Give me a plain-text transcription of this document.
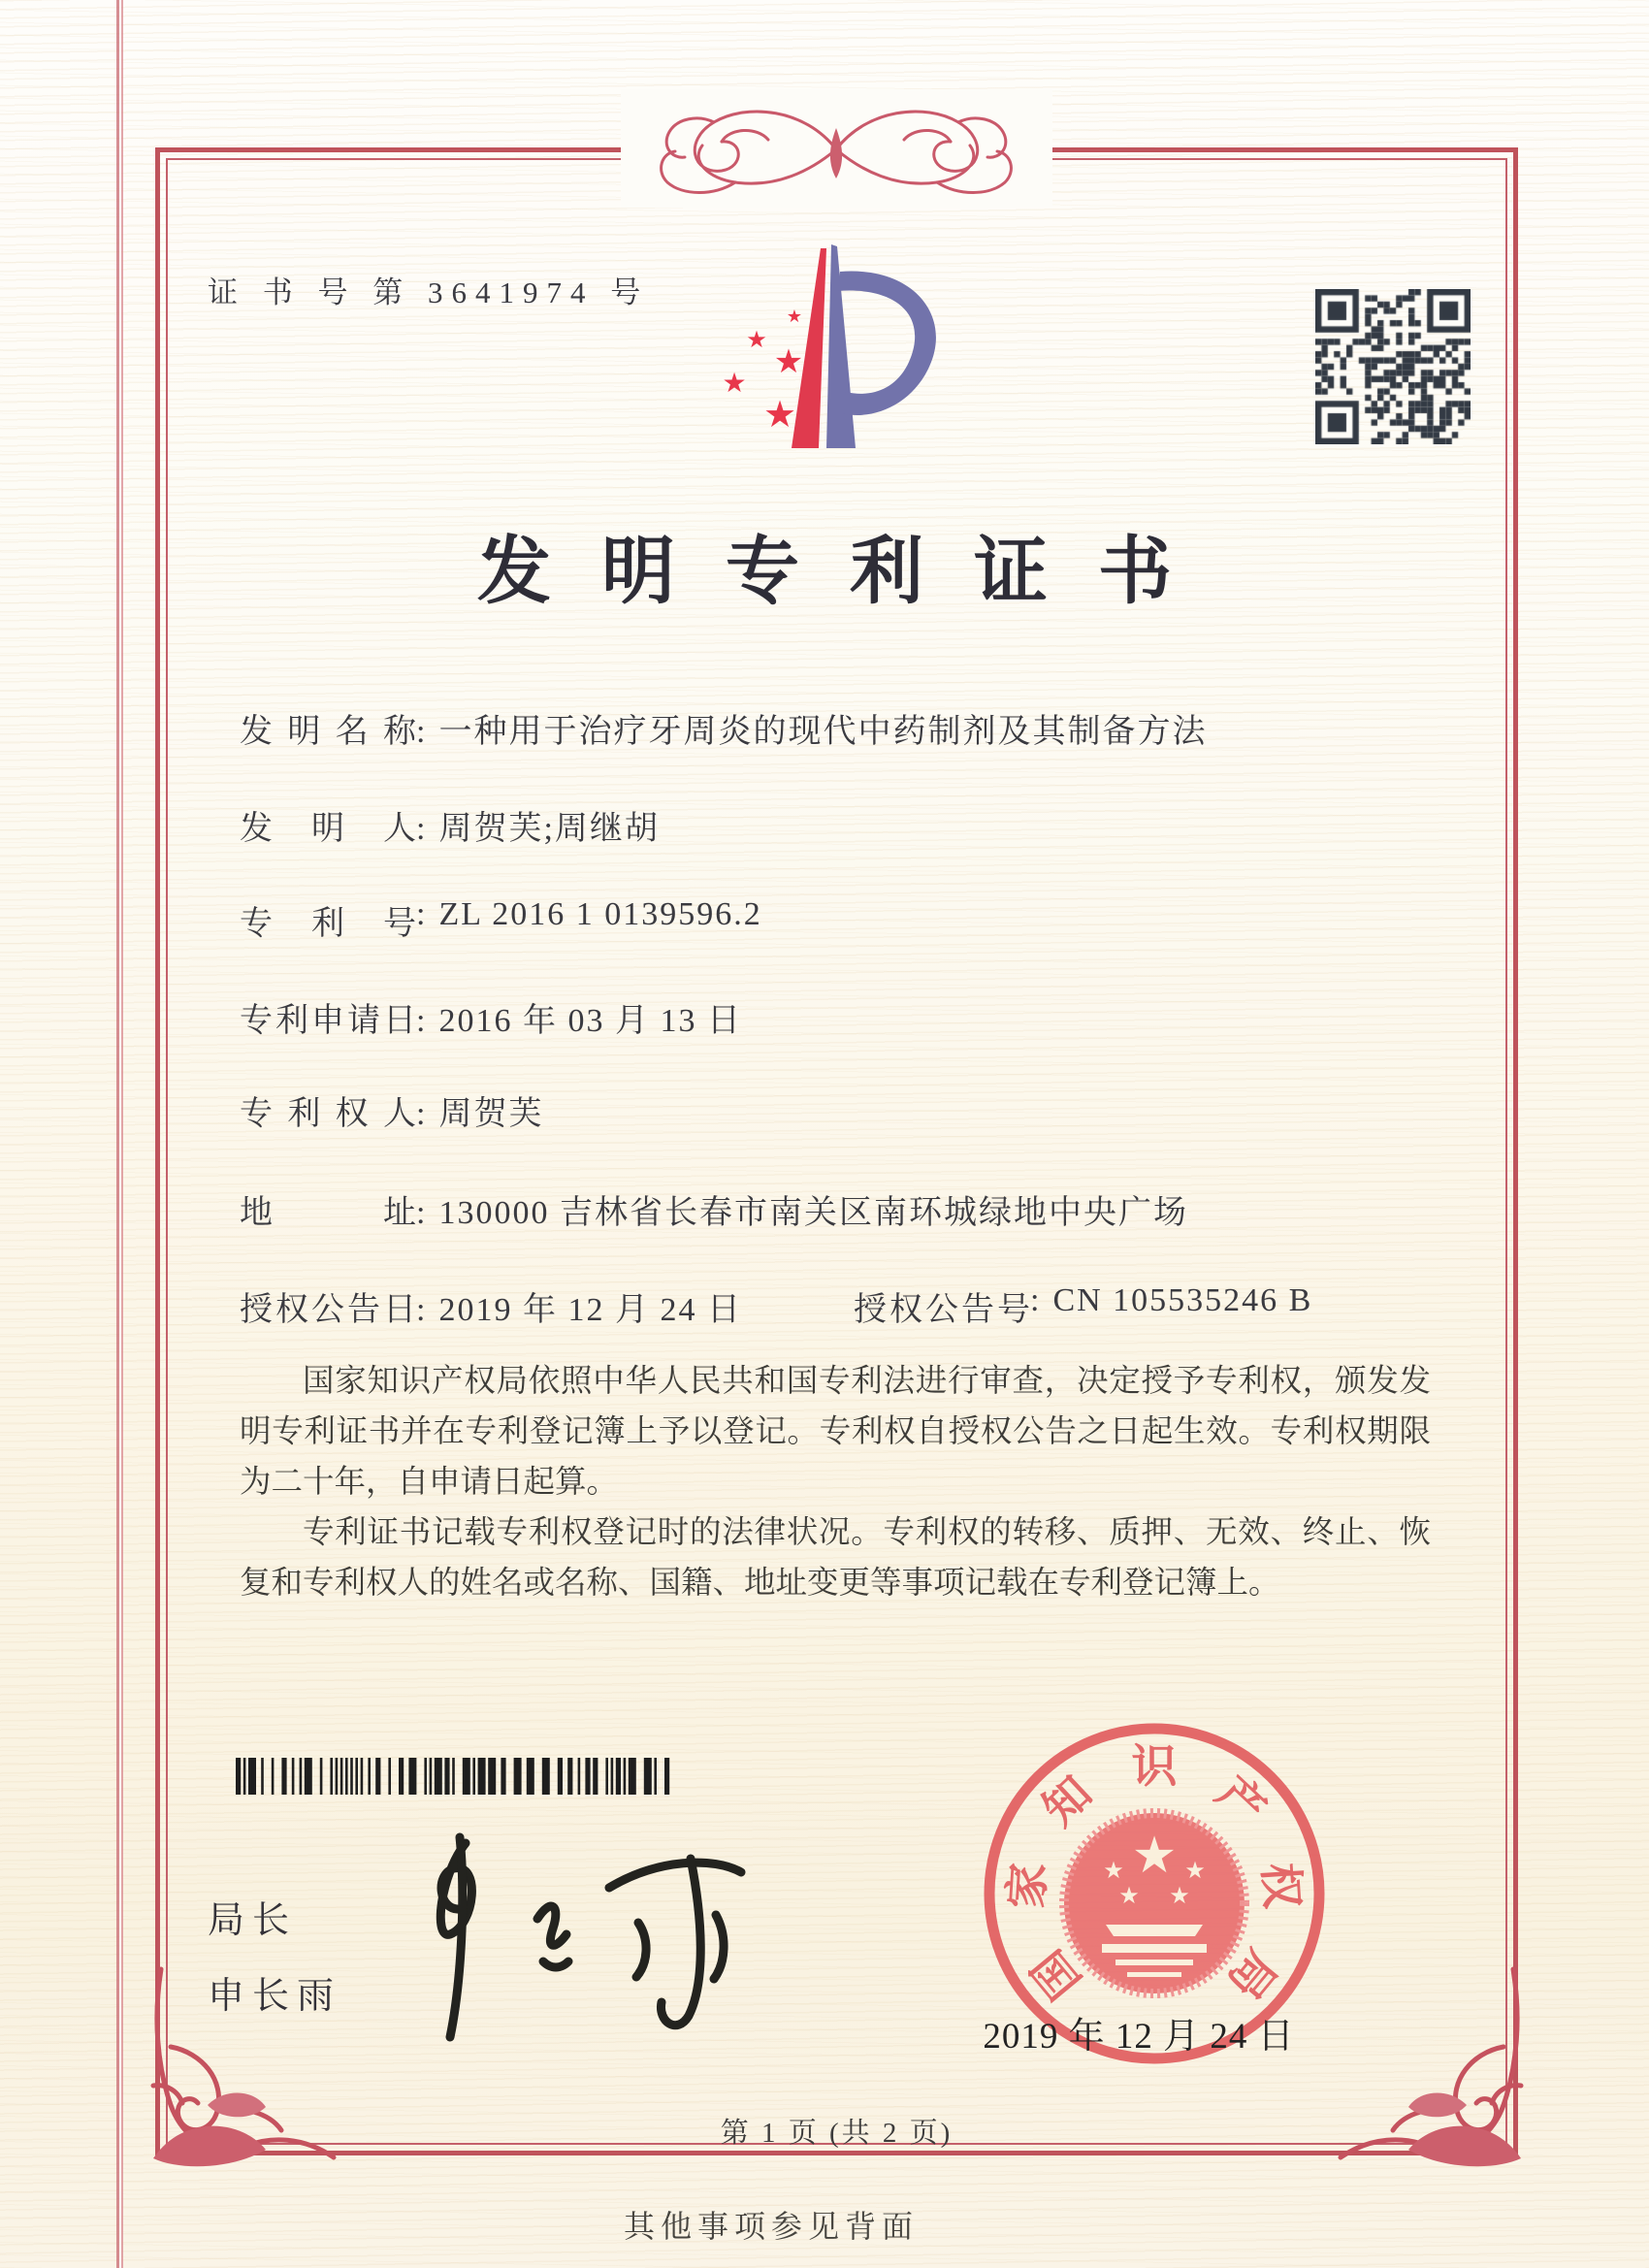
证 书 号 第 3641974 号
★
★
★
★
★
发明专利证书
发明名称: 一种用于治疗牙周炎的现代中药制剂及其制备方法
发明人: 周贺芙;周继胡
专利号: ZL 2016 1 0139596.2
专利申请日: 2016 年 03 月 13 日
专利权人: 周贺芙
地址: 130000 吉林省长春市南关区南环城绿地中央广场
授权公告日: 2019 年 12 月 24 日	授权公告号: CN 105535246 B

国家知识产权局依照中华人民共和国专利法进行审查，决定授予专利权，颁发发明专利证书并在专利登记簿上予以登记。专利权自授权公告之日起生效。专利权期限为二十年，自申请日起算。

专利证书记载专利权登记时的法律状况。专利权的转移、质押、无效、终止、恢复和专利权人的姓名或名称、国籍、地址变更等事项记载在专利登记簿上。

局长
申长雨	国
家
知
识
产
权
局
★
★	★
★ ★
2019 年 12 月 24 日
第 1 页 (共 2 页)
其他事项参见背面
